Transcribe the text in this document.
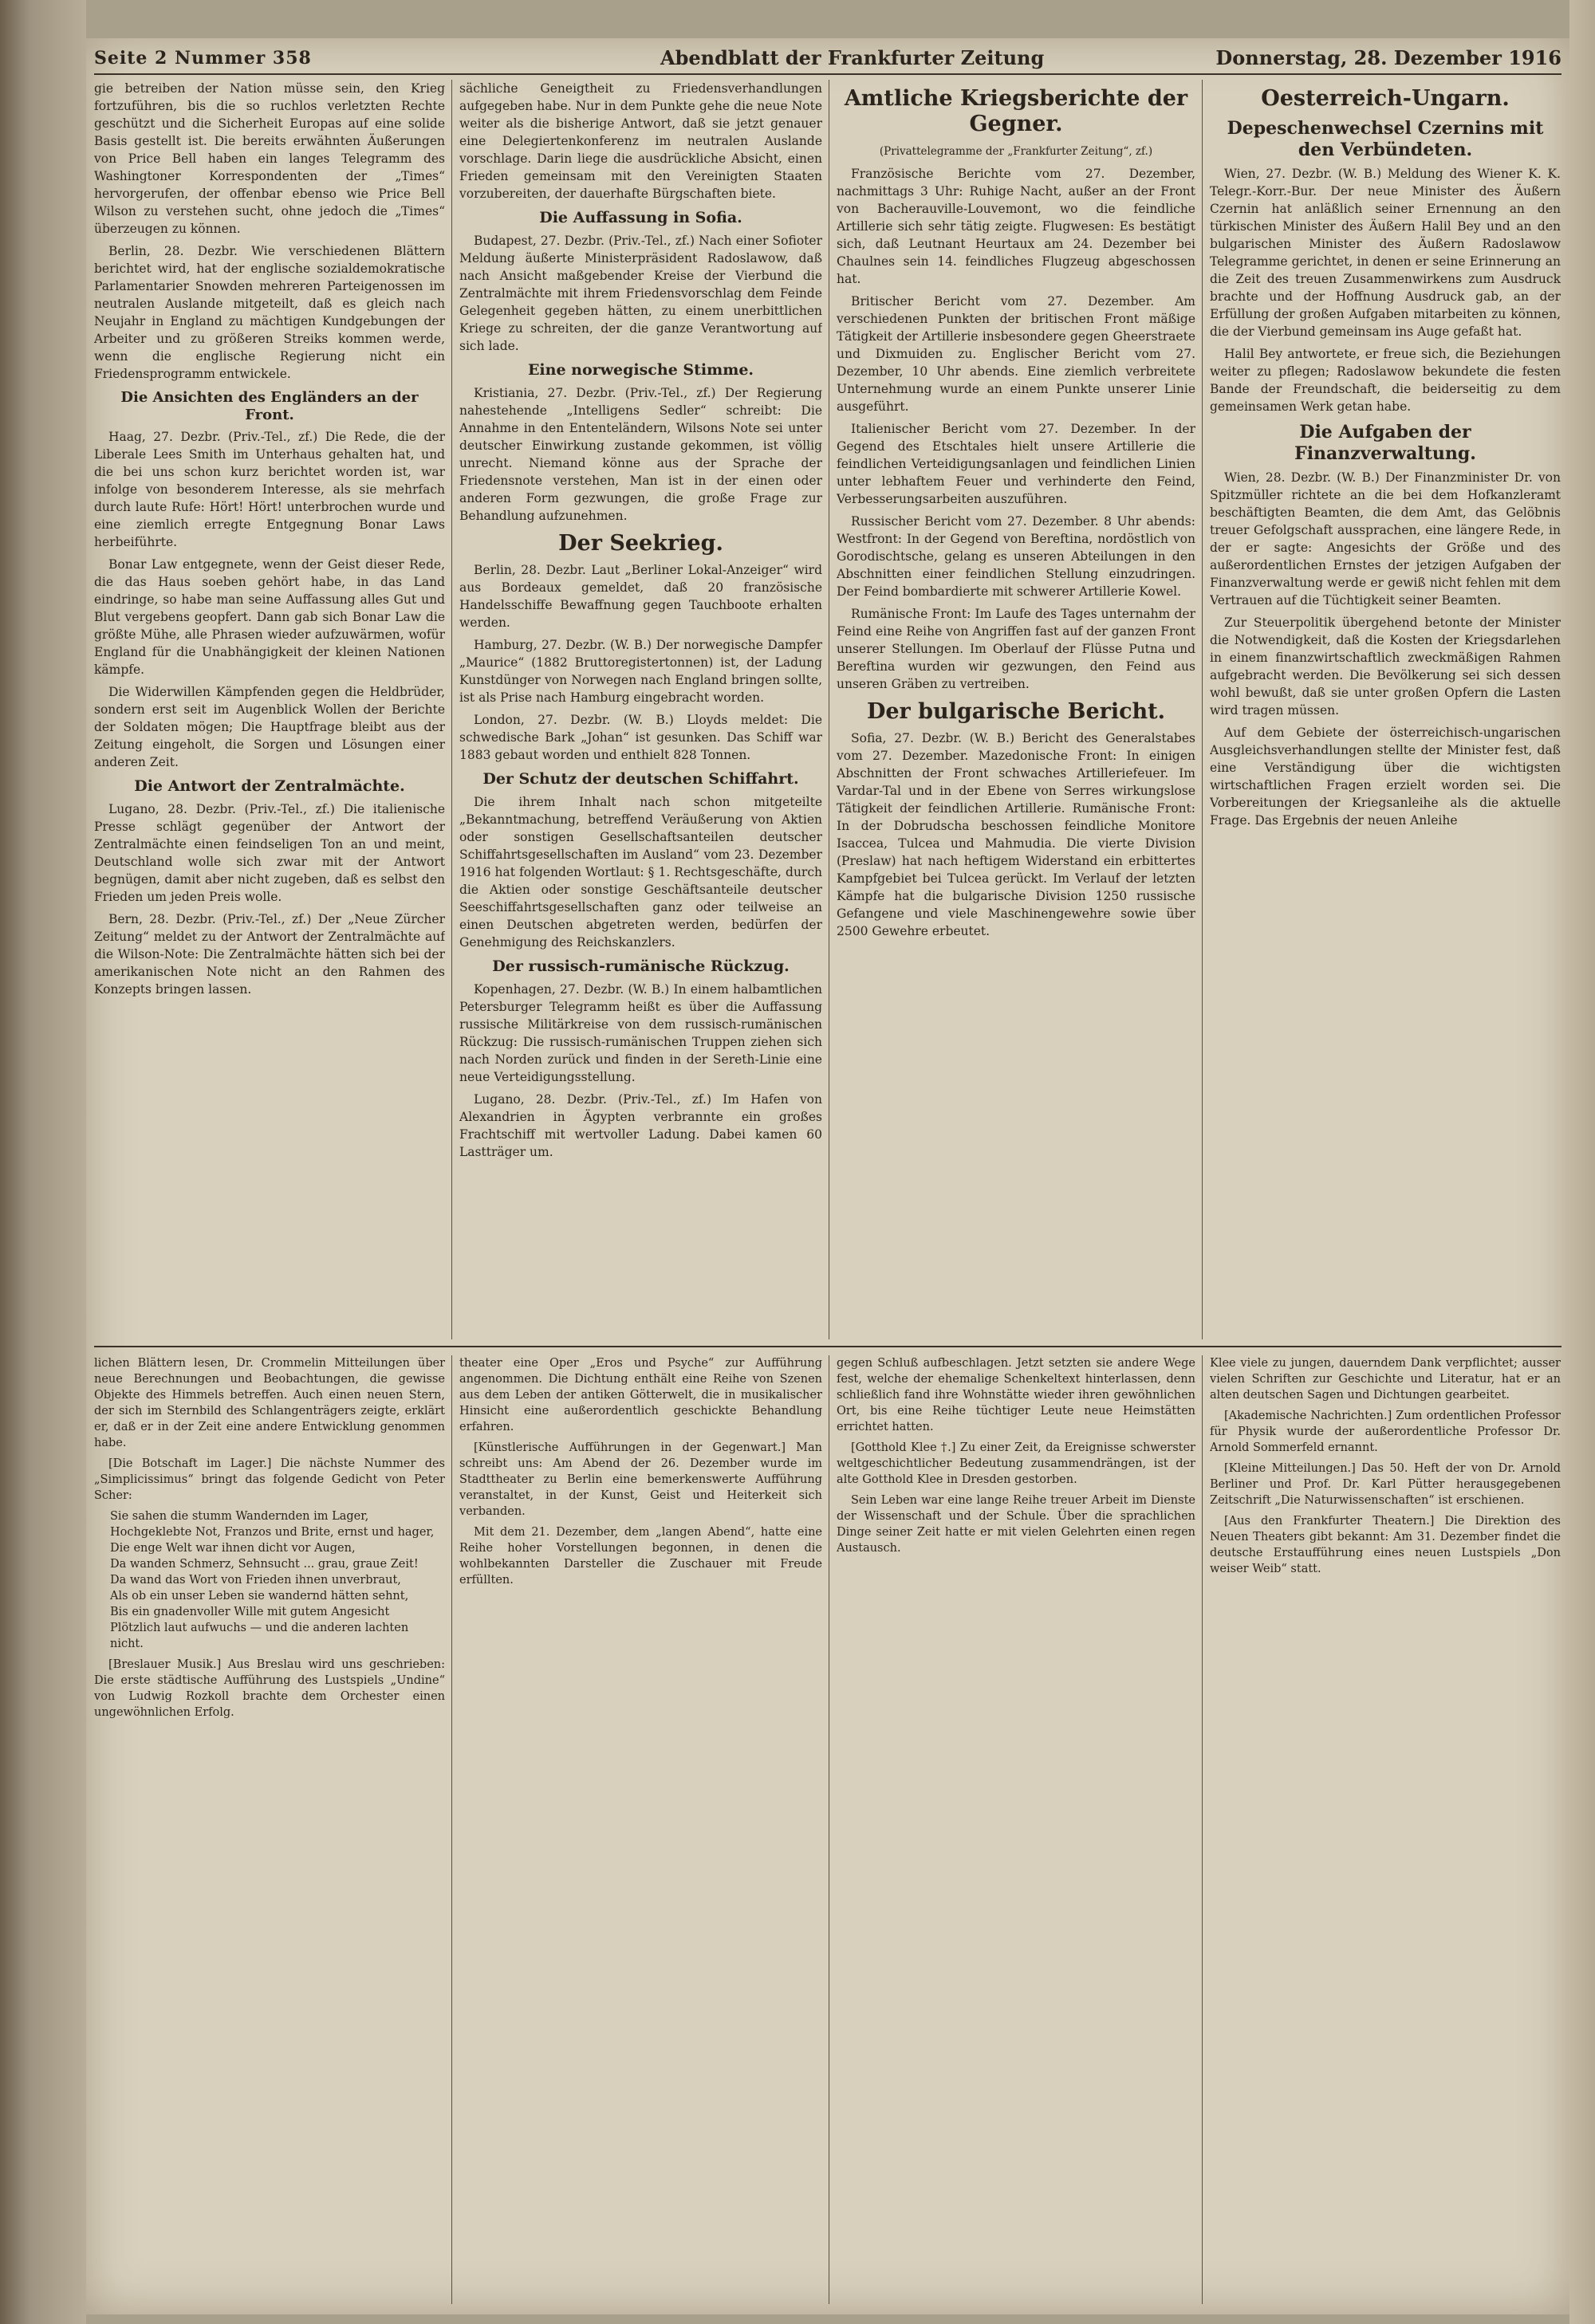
Seite 2 Nummer 358	Abendblatt der Frankfurter Zeitung	Donnerstag, 28. Dezember 1916

gie betreiben der Nation müsse sein, den Krieg fortzuführen, bis die so ruchlos verletzten Rechte geschützt und die Sicherheit Europas auf eine solide Basis gestellt ist. Die bereits erwähnten Äußerungen von Price Bell haben ein langes Telegramm des Washingtoner Korrespondenten der „Times“ hervorgerufen, der offenbar ebenso wie Price Bell Wilson zu verstehen sucht, ohne jedoch die „Times“ überzeugen zu können.

Berlin, 28. Dezbr. Wie verschiedenen Blättern berichtet wird, hat der englische sozialdemokratische Parlamentarier Snowden mehreren Parteigenossen im neutralen Auslande mitgeteilt, daß es gleich nach Neujahr in England zu mächtigen Kundgebungen der Arbeiter und zu größeren Streiks kommen werde, wenn die englische Regierung nicht ein Friedensprogramm entwickele.

Die Ansichten des Engländers an der Front.

Haag, 27. Dezbr. (Priv.-Tel., zf.) Die Rede, die der Liberale Lees Smith im Unterhaus gehalten hat, und die bei uns schon kurz berichtet worden ist, war infolge von besonderem Interesse, als sie mehrfach durch laute Rufe: Hört! Hört! unterbrochen wurde und eine ziemlich erregte Entgegnung Bonar Laws herbeiführte.

Bonar Law entgegnete, wenn der Geist dieser Rede, die das Haus soeben gehört habe, in das Land eindringe, so habe man seine Auffassung alles Gut und Blut vergebens geopfert. Dann gab sich Bonar Law die größte Mühe, alle Phrasen wieder aufzuwärmen, wofür England für die Unabhängigkeit der kleinen Nationen kämpfe.

Die Widerwillen Kämpfenden gegen die Heldbrüder, sondern erst seit im Augenblick Wollen der Berichte der Soldaten mögen; Die Hauptfrage bleibt aus der Zeitung eingeholt, die Sorgen und Lösungen einer anderen Zeit.

Die Antwort der Zentralmächte.

Lugano, 28. Dezbr. (Priv.-Tel., zf.) Die italienische Presse schlägt gegenüber der Antwort der Zentralmächte einen feindseligen Ton an und meint, Deutschland wolle sich zwar mit der Antwort begnügen, damit aber nicht zugeben, daß es selbst den Frieden um jeden Preis wolle.

Bern, 28. Dezbr. (Priv.-Tel., zf.) Der „Neue Zürcher Zeitung“ meldet zu der Antwort der Zentralmächte auf die Wilson-Note: Die Zentralmächte hätten sich bei der amerikanischen Note nicht an den Rahmen des Konzepts bringen lassen.

sächliche Geneigtheit zu Friedensverhandlungen aufgegeben habe. Nur in dem Punkte gehe die neue Note weiter als die bisherige Antwort, daß sie jetzt genauer eine Delegiertenkonferenz im neutralen Auslande vorschlage. Darin liege die ausdrückliche Absicht, einen Frieden gemeinsam mit den Vereinigten Staaten vorzubereiten, der dauerhafte Bürgschaften biete.

Die Auffassung in Sofia.

Budapest, 27. Dezbr. (Priv.-Tel., zf.) Nach einer Sofioter Meldung äußerte Ministerpräsident Radoslawow, daß nach Ansicht maßgebender Kreise der Vierbund die Zentralmächte mit ihrem Friedensvorschlag dem Feinde Gelegenheit gegeben hätten, zu einem unerbittlichen Kriege zu schreiten, der die ganze Verantwortung auf sich lade.

Eine norwegische Stimme.

Kristiania, 27. Dezbr. (Priv.-Tel., zf.) Der Regierung nahestehende „Intelligens Sedler“ schreibt: Die Annahme in den Ententeländern, Wilsons Note sei unter deutscher Einwirkung zustande gekommen, ist völlig unrecht. Niemand könne aus der Sprache der Friedensnote verstehen, Man ist in der einen oder anderen Form gezwungen, die große Frage zur Behandlung aufzunehmen.

Der Seekrieg.

Berlin, 28. Dezbr. Laut „Berliner Lokal-Anzeiger“ wird aus Bordeaux gemeldet, daß 20 französische Handelsschiffe Bewaffnung gegen Tauchboote erhalten werden.

Hamburg, 27. Dezbr. (W. B.) Der norwegische Dampfer „Maurice“ (1882 Bruttoregistertonnen) ist, der Ladung Kunstdünger von Norwegen nach England bringen sollte, ist als Prise nach Hamburg eingebracht worden.

London, 27. Dezbr. (W. B.) Lloyds meldet: Die schwedische Bark „Johan“ ist gesunken. Das Schiff war 1883 gebaut worden und enthielt 828 Tonnen.

Der Schutz der deutschen Schiffahrt.

Die ihrem Inhalt nach schon mitgeteilte „Bekanntmachung, betreffend Veräußerung von Aktien oder sonstigen Gesellschaftsanteilen deutscher Schiffahrtsgesellschaften im Ausland“ vom 23. Dezember 1916 hat folgenden Wortlaut: § 1. Rechtsgeschäfte, durch die Aktien oder sonstige Geschäftsanteile deutscher Seeschiffahrtsgesellschaften ganz oder teilweise an einen Deutschen abgetreten werden, bedürfen der Genehmigung des Reichskanzlers.

Der russisch-rumänische Rückzug.

Kopenhagen, 27. Dezbr. (W. B.) In einem halbamtlichen Petersburger Telegramm heißt es über die Auffassung russische Militärkreise von dem russisch-rumänischen Rückzug: Die russisch-rumänischen Truppen ziehen sich nach Norden zurück und finden in der Sereth-Linie eine neue Verteidigungsstellung.

Lugano, 28. Dezbr. (Priv.-Tel., zf.) Im Hafen von Alexandrien in Ägypten verbrannte ein großes Frachtschiff mit wertvoller Ladung. Dabei kamen 60 Lastträger um.

Amtliche Kriegsberichte der Gegner.
(Privattelegramme der „Frankfurter Zeitung“, zf.)

Französische Berichte vom 27. Dezember, nachmittags 3 Uhr: Ruhige Nacht, außer an der Front von Bacherauville-Louvemont, wo die feindliche Artillerie sich sehr tätig zeigte. Flugwesen: Es bestätigt sich, daß Leutnant Heurtaux am 24. Dezember bei Chaulnes sein 14. feindliches Flugzeug abgeschossen hat.

Britischer Bericht vom 27. Dezember. Am verschiedenen Punkten der britischen Front mäßige Tätigkeit der Artillerie insbesondere gegen Gheerstraete und Dixmuiden zu. Englischer Bericht vom 27. Dezember, 10 Uhr abends. Eine ziemlich verbreitete Unternehmung wurde an einem Punkte unserer Linie ausgeführt.

Italienischer Bericht vom 27. Dezember. In der Gegend des Etschtales hielt unsere Artillerie die feindlichen Verteidigungsanlagen und feindlichen Linien unter lebhaftem Feuer und verhinderte den Feind, Verbesserungsarbeiten auszuführen.

Russischer Bericht vom 27. Dezember. 8 Uhr abends: Westfront: In der Gegend von Bereftina, nordöstlich von Gorodischtsche, gelang es unseren Abteilungen in den Abschnitten einer feindlichen Stellung einzudringen. Der Feind bombardierte mit schwerer Artillerie Kowel.

Rumänische Front: Im Laufe des Tages unternahm der Feind eine Reihe von Angriffen fast auf der ganzen Front unserer Stellungen. Im Oberlauf der Flüsse Putna und Bereftina wurden wir gezwungen, den Feind aus unseren Gräben zu vertreiben.

Der bulgarische Bericht.

Sofia, 27. Dezbr. (W. B.) Bericht des Generalstabes vom 27. Dezember. Mazedonische Front: In einigen Abschnitten der Front schwaches Artilleriefeuer. Im Vardar-Tal und in der Ebene von Serres wirkungslose Tätigkeit der feindlichen Artillerie. Rumänische Front: In der Dobrudscha beschossen feindliche Monitore Isaccea, Tulcea und Mahmudia. Die vierte Division (Preslaw) hat nach heftigem Widerstand ein erbittertes Kampfgebiet bei Tulcea gerückt. Im Verlauf der letzten Kämpfe hat die bulgarische Division 1250 russische Gefangene und viele Maschinengewehre sowie über 2500 Gewehre erbeutet.

Oesterreich-Ungarn.
Depeschenwechsel Czernins mit den Verbündeten.

Wien, 27. Dezbr. (W. B.) Meldung des Wiener K. K. Telegr.-Korr.-Bur. Der neue Minister des Äußern Czernin hat anläßlich seiner Ernennung an den türkischen Minister des Äußern Halil Bey und an den bulgarischen Minister des Äußern Radoslawow Telegramme gerichtet, in denen er seine Erinnerung an die Zeit des treuen Zusammenwirkens zum Ausdruck brachte und der Hoffnung Ausdruck gab, an der Erfüllung der großen Aufgaben mitarbeiten zu können, die der Vierbund gemeinsam ins Auge gefaßt hat.

Halil Bey antwortete, er freue sich, die Beziehungen weiter zu pflegen; Radoslawow bekundete die festen Bande der Freundschaft, die beiderseitig zu dem gemeinsamen Werk getan habe.

Die Aufgaben der Finanzverwaltung.

Wien, 28. Dezbr. (W. B.) Der Finanzminister Dr. von Spitzmüller richtete an die bei dem Hofkanzleramt beschäftigten Beamten, die dem Amt, das Gelöbnis treuer Gefolgschaft aussprachen, eine längere Rede, in der er sagte: Angesichts der Größe und des außerordentlichen Ernstes der jetzigen Aufgaben der Finanzverwaltung werde er gewiß nicht fehlen mit dem Vertrauen auf die Tüchtigkeit seiner Beamten.

Zur Steuerpolitik übergehend betonte der Minister die Notwendigkeit, daß die Kosten der Kriegsdarlehen in einem finanzwirtschaftlich zweckmäßigen Rahmen aufgebracht werden. Die Bevölkerung sei sich dessen wohl bewußt, daß sie unter großen Opfern die Lasten wird tragen müssen.

Auf dem Gebiete der österreichisch-ungarischen Ausgleichsverhandlungen stellte der Minister fest, daß eine Verständigung über die wichtigsten wirtschaftlichen Fragen erzielt worden sei. Die Vorbereitungen der Kriegsanleihe als die aktuelle Frage. Das Ergebnis der neuen Anleihe

lichen Blättern lesen, Dr. Crommelin Mitteilungen über neue Berechnungen und Beobachtungen, die gewisse Objekte des Himmels betreffen. Auch einen neuen Stern, der sich im Sternbild des Schlangenträgers zeigte, erklärt er, daß er in der Zeit eine andere Entwicklung genommen habe.

[Die Botschaft im Lager.] Die nächste Nummer des „Simplicissimus“ bringt das folgende Gedicht von Peter Scher:

Sie sahen die stumm Wandernden im Lager,
Hochgeklebte Not, Franzos und Brite, ernst und hager,
Die enge Welt war ihnen dicht vor Augen,
Da wanden Schmerz, Sehnsucht ... grau, graue Zeit!
Da wand das Wort von Frieden ihnen unverbraut,
Als ob ein unser Leben sie wandernd hätten sehnt,
Bis ein gnadenvoller Wille mit gutem Angesicht
Plötzlich laut aufwuchs — und die anderen lachten nicht.

[Breslauer Musik.] Aus Breslau wird uns geschrieben: Die erste städtische Aufführung des Lustspiels „Undine“ von Ludwig Rozkoll brachte dem Orchester einen ungewöhnlichen Erfolg.

theater eine Oper „Eros und Psyche“ zur Aufführung angenommen. Die Dichtung enthält eine Reihe von Szenen aus dem Leben der antiken Götterwelt, die in musikalischer Hinsicht eine außerordentlich geschickte Behandlung erfahren.

[Künstlerische Aufführungen in der Gegenwart.] Man schreibt uns: Am Abend der 26. Dezember wurde im Stadttheater zu Berlin eine bemerkenswerte Aufführung veranstaltet, in der Kunst, Geist und Heiterkeit sich verbanden.

Mit dem 21. Dezember, dem „langen Abend“, hatte eine Reihe hoher Vorstellungen begonnen, in denen die wohlbekannten Darsteller die Zuschauer mit Freude erfüllten.

gegen Schluß aufbeschlagen. Jetzt setzten sie andere Wege fest, welche der ehemalige Schenkeltext hinterlassen, denn schließlich fand ihre Wohnstätte wieder ihren gewöhnlichen Ort, bis eine Reihe tüchtiger Leute neue Heimstätten errichtet hatten.

[Gotthold Klee †.] Zu einer Zeit, da Ereignisse schwerster weltgeschichtlicher Bedeutung zusammendrängen, ist der alte Gotthold Klee in Dresden gestorben.

Sein Leben war eine lange Reihe treuer Arbeit im Dienste der Wissenschaft und der Schule. Über die sprachlichen Dinge seiner Zeit hatte er mit vielen Gelehrten einen regen Austausch.

Klee viele zu jungen, dauerndem Dank verpflichtet; ausser vielen Schriften zur Geschichte und Literatur, hat er an alten deutschen Sagen und Dichtungen gearbeitet.

[Akademische Nachrichten.] Zum ordentlichen Professor für Physik wurde der außerordentliche Professor Dr. Arnold Sommerfeld ernannt.

[Kleine Mitteilungen.] Das 50. Heft der von Dr. Arnold Berliner und Prof. Dr. Karl Pütter herausgegebenen Zeitschrift „Die Naturwissenschaften“ ist erschienen.

[Aus den Frankfurter Theatern.] Die Direktion des Neuen Theaters gibt bekannt: Am 31. Dezember findet die deutsche Erstaufführung eines neuen Lustspiels „Don weiser Weib“ statt.
